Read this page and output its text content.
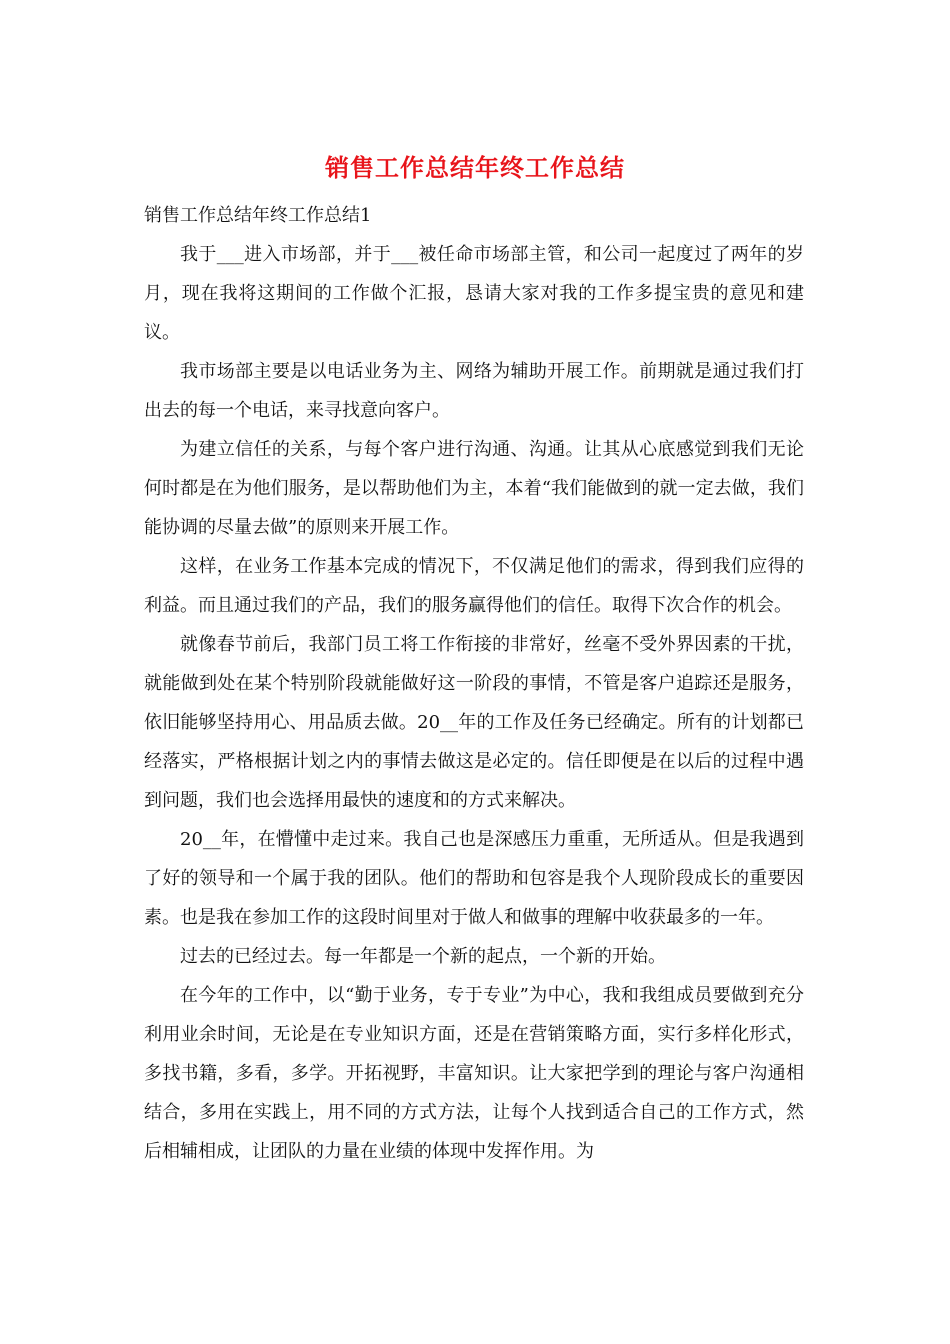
销售工作总结年终工作总结

销售工作总结年终工作总结1

我于___进入市场部，并于___被任命市场部主管，和公司一起度过了两年的岁月，现在我将这期间的工作做个汇报，恳请大家对我的工作多提宝贵的意见和建议。

我市场部主要是以电话业务为主、网络为辅助开展工作。前期就是通过我们打出去的每一个电话，来寻找意向客户。

为建立信任的关系，与每个客户进行沟通、沟通。让其从心底感觉到我们无论何时都是在为他们服务，是以帮助他们为主，本着“我们能做到的就一定去做，我们能协调的尽量去做”的原则来开展工作。

这样，在业务工作基本完成的情况下，不仅满足他们的需求，得到我们应得的利益。而且通过我们的产品，我们的服务赢得他们的信任。取得下次合作的机会。

就像春节前后，我部门员工将工作衔接的非常好，丝毫不受外界因素的干扰，就能做到处在某个特别阶段就能做好这一阶段的事情，不管是客户追踪还是服务，依旧能够坚持用心、用品质去做。20__年的工作及任务已经确定。所有的计划都已经落实，严格根据计划之内的事情去做这是必定的。信任即便是在以后的过程中遇到问题，我们也会选择用最快的速度和的方式来解决。

20__年，在懵懂中走过来。我自己也是深感压力重重，无所适从。但是我遇到了好的领导和一个属于我的团队。他们的帮助和包容是我个人现阶段成长的重要因素。也是我在参加工作的这段时间里对于做人和做事的理解中收获最多的一年。

过去的已经过去。每一年都是一个新的起点，一个新的开始。

在今年的工作中，以“勤于业务，专于专业”为中心，我和我组成员要做到充分利用业余时间，无论是在专业知识方面，还是在营销策略方面，实行多样化形式，多找书籍，多看，多学。开拓视野，丰富知识。让大家把学到的理论与客户沟通相结合，多用在实践上，用不同的方式方法，让每个人找到适合自己的工作方式，然后相辅相成，让团队的力量在业绩的体现中发挥作用。为
